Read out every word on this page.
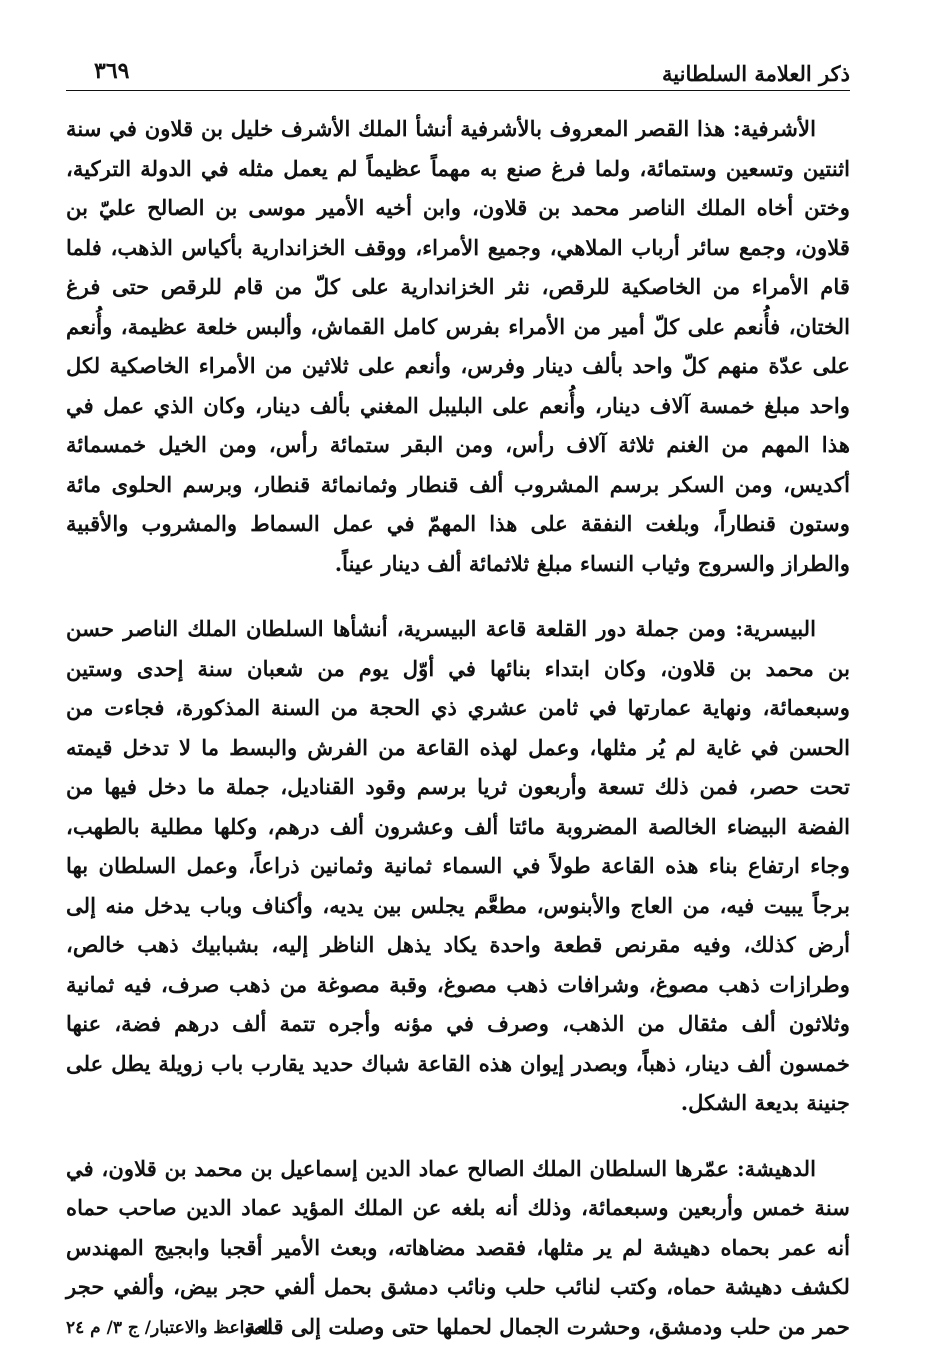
ذكر العلامة السلطانية
٣٦٩

الأشرفية: هذا القصر المعروف بالأشرفية أنشأ الملك الأشرف خليل بن قلاون في سنة اثنتين وتسعين وستمائة، ولما فرغ صنع به مهماً عظيماً لم يعمل مثله في الدولة التركية، وختن أخاه الملك الناصر محمد بن قلاون، وابن أخيه الأمير موسى بن الصالح عليّ بن قلاون، وجمع سائر أرباب الملاهي، وجميع الأمراء، ووقف الخزاندارية بأكياس الذهب، فلما قام الأمراء من الخاصكية للرقص، نثر الخزاندارية على كلّ من قام للرقص حتى فرغ الختان، فأُنعم على كلّ أمير من الأمراء بفرس كامل القماش، وألبس خلعة عظيمة، وأُنعم على عدّة منهم كلّ واحد بألف دينار وفرس، وأنعم على ثلاثين من الأمراء الخاصكية لكل واحد مبلغ خمسة آلاف دينار، وأُنعم على البليبل المغني بألف دينار، وكان الذي عمل في هذا المهم من الغنم ثلاثة آلاف رأس، ومن البقر ستمائة رأس، ومن الخيل خمسمائة أكديس، ومن السكر برسم المشروب ألف قنطار وثمانمائة قنطار، وبرسم الحلوى مائة وستون قنطاراً، وبلغت النفقة على هذا المهمّ في عمل السماط والمشروب والأقبية والطراز والسروج وثياب النساء مبلغ ثلاثمائة ألف دينار عيناً.

البيسرية: ومن جملة دور القلعة قاعة البيسرية، أنشأها السلطان الملك الناصر حسن بن محمد بن قلاون، وكان ابتداء بنائها في أوّل يوم من شعبان سنة إحدى وستين وسبعمائة، ونهاية عمارتها في ثامن عشري ذي الحجة من السنة المذكورة، فجاءت من الحسن في غاية لم يُر مثلها، وعمل لهذه القاعة من الفرش والبسط ما لا تدخل قيمته تحت حصر، فمن ذلك تسعة وأربعون ثريا برسم وقود القناديل، جملة ما دخل فيها من الفضة البيضاء الخالصة المضروبة مائتا ألف وعشرون ألف درهم، وكلها مطلية بالطهب، وجاء ارتفاع بناء هذه القاعة طولاً في السماء ثمانية وثمانين ذراعاً، وعمل السلطان بها برجاً يبيت فيه، من العاج والأبنوس، مطعَّم يجلس بين يديه، وأكناف وباب يدخل منه إلى أرض كذلك، وفيه مقرنص قطعة واحدة يكاد يذهل الناظر إليه، بشبابيك ذهب خالص، وطرازات ذهب مصوغ، وشرافات ذهب مصوغ، وقبة مصوغة من ذهب صرف، فيه ثمانية وثلاثون ألف مثقال من الذهب، وصرف في مؤنه وأجره تتمة ألف درهم فضة، عنها خمسون ألف دينار، ذهباً، وبصدر إيوان هذه القاعة شباك حديد يقارب باب زويلة يطل على جنينة بديعة الشكل.

الدهيشة: عمّرها السلطان الملك الصالح عماد الدين إسماعيل بن محمد بن قلاون، في سنة خمس وأربعين وسبعمائة، وذلك أنه بلغه عن الملك المؤيد عماد الدين صاحب حماه أنه عمر بحماه دهيشة لم ير مثلها، فقصد مضاهاته، وبعث الأمير أقجبا وابجيج المهندس لكشف دهيشة حماه، وكتب لنائب حلب ونائب دمشق بحمل ألفي حجر بيض، وألفي حجر حمر من حلب ودمشق، وحشرت الجمال لحملها حتى وصلت إلى قلعة

المواعظ والاعتبار/ ج ٣/ م ٢٤
